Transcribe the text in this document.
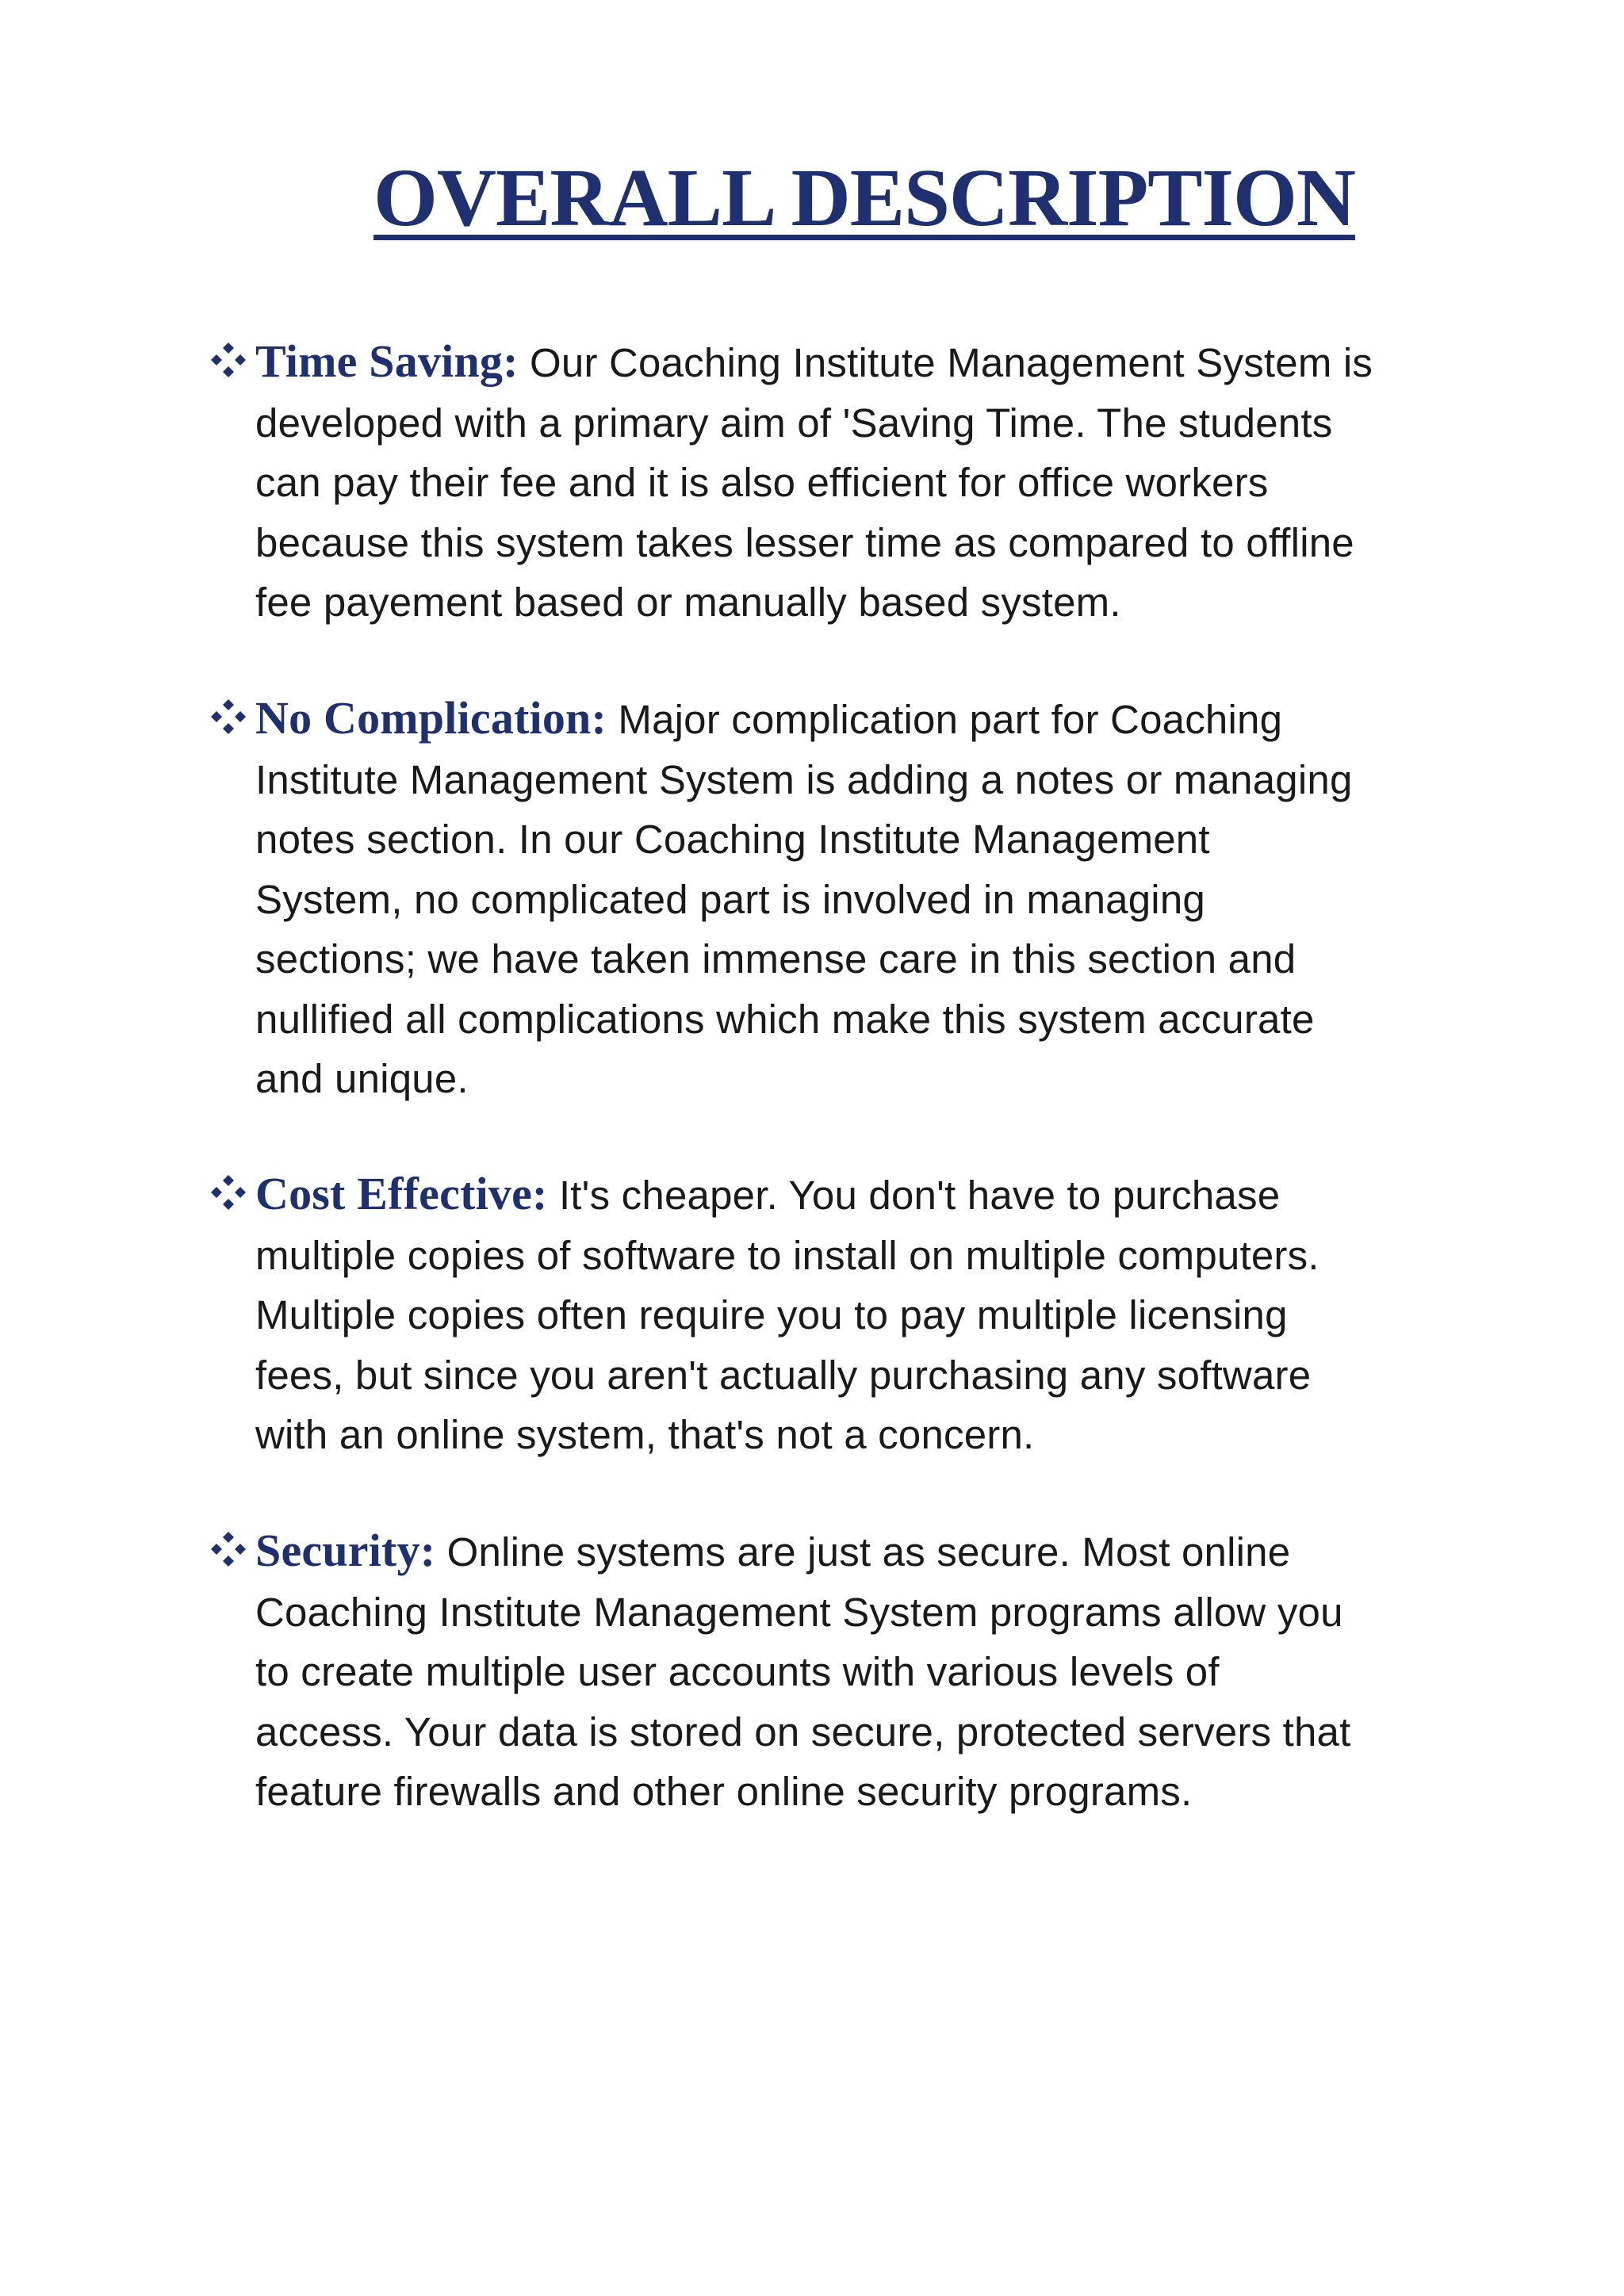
OVERALL DESCRIPTION

Time Saving: Our Coaching Institute Management System is
developed with a primary aim of 'Saving Time. The students
can pay their fee and it is also efficient for office workers
because this system takes lesser time as compared to offline
fee payement based or manually based system.

No Complication: Major complication part for Coaching
Institute Management System is adding a notes or managing
notes section. In our Coaching Institute Management
System, no complicated part is involved in managing
sections; we have taken immense care in this section and
nullified all complications which make this system accurate
and unique.

Cost Effective: It's cheaper. You don't have to purchase
multiple copies of software to install on multiple computers.
Multiple copies often require you to pay multiple licensing
fees, but since you aren't actually purchasing any software
with an online system, that's not a concern.

Security: Online systems are just as secure. Most online
Coaching Institute Management System programs allow you
to create multiple user accounts with various levels of
access. Your data is stored on secure, protected servers that
feature firewalls and other online security programs.
